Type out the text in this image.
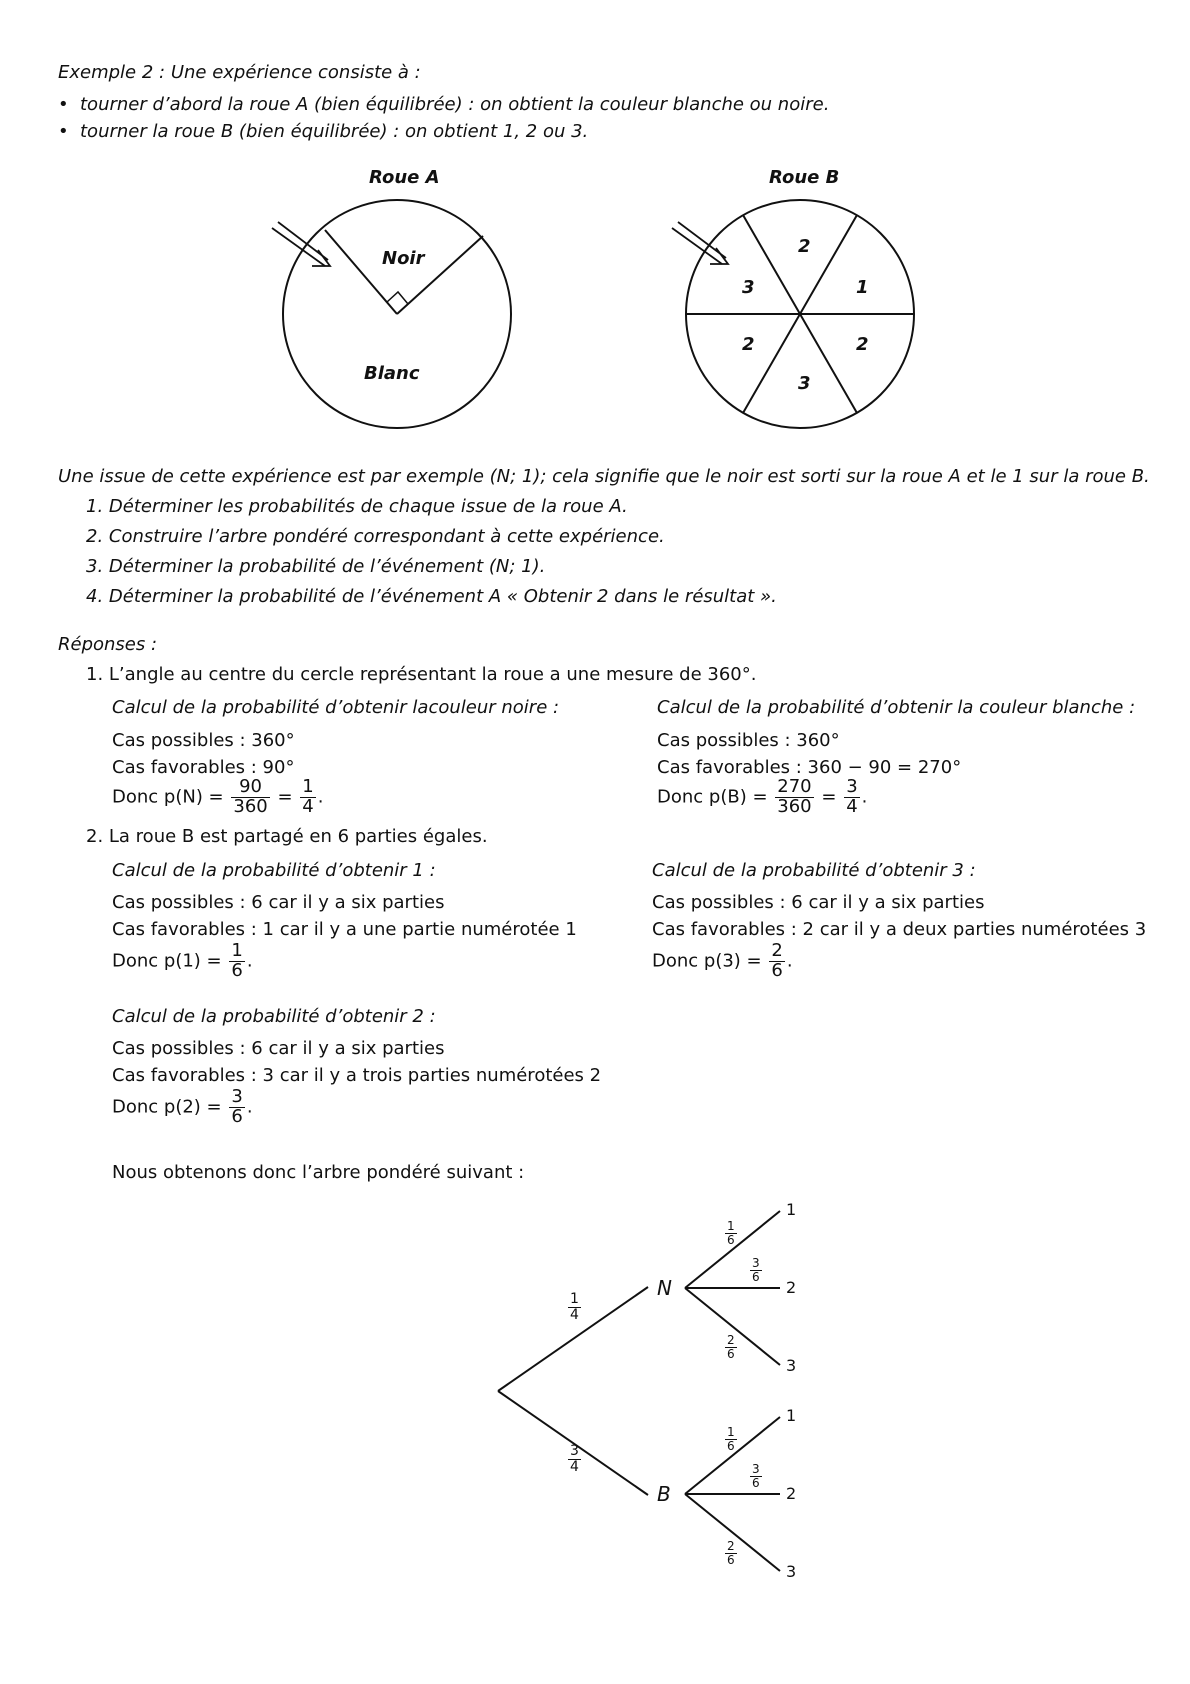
Exemple 2 : Une expérience consiste à :
• tourner d’abord la roue A (bien équilibrée) : on obtient la couleur blanche ou noire.
• tourner la roue B (bien équilibrée) : on obtient 1, 2 ou 3.
Roue A	Roue B
Noir
Blanc
2
1
2
3
2
3
Une issue de cette expérience est par exemple (N; 1); cela signifie que le noir est sorti sur la roue A et le 1 sur la roue B.
1. Déterminer les probabilités de chaque issue de la roue A.
2. Construire l’arbre pondéré correspondant à cette expérience.
3. Déterminer la probabilité de l’événement (N; 1).
4. Déterminer la probabilité de l’événement A « Obtenir 2 dans le résultat ».
Réponses :
1. L’angle au centre du cercle représentant la roue a une mesure de 360°.
Calcul de la probabilité d’obtenir lacouleur noire :
Cas possibles : 360°
Cas favorables : 90°
Donc $p(N) = \frac{90}{360} = \frac{1}{4}$ .
Calcul de la probabilité d’obtenir la couleur blanche :
Cas possibles : 360°
Cas favorables : 360 − 90 = 270°
Donc $p(B) = \frac{270}{360} = \frac{3}{4}$ .
2. La roue B est partagé en 6 parties égales.
Calcul de la probabilité d’obtenir 1 :
Cas possibles : 6 car il y a six parties
Cas favorables : 1 car il y a une partie numérotée 1
Donc $p(1) = \frac{1}{6}$ .
Calcul de la probabilité d’obtenir 3 :
Cas possibles : 6 car il y a six parties
Cas favorables : 2 car il y a deux parties numérotées 3
Donc $p(3) = \frac{2}{6}$ .
Calcul de la probabilité d’obtenir 2 :
Cas possibles : 6 car il y a six parties
Cas favorables : 3 car il y a trois parties numérotées 2
Donc $p(2) = \frac{3}{6}$ .
Nous obtenons donc l’arbre pondéré suivant :
N
B
$\frac{1}{4}$
$\frac{3}{4}$
$\frac{1}{6}$
$\frac{3}{6}$
$\frac{2}{6}$
$\frac{1}{6}$
$\frac{3}{6}$
$\frac{2}{6}$
1
2
3
1
2
3
